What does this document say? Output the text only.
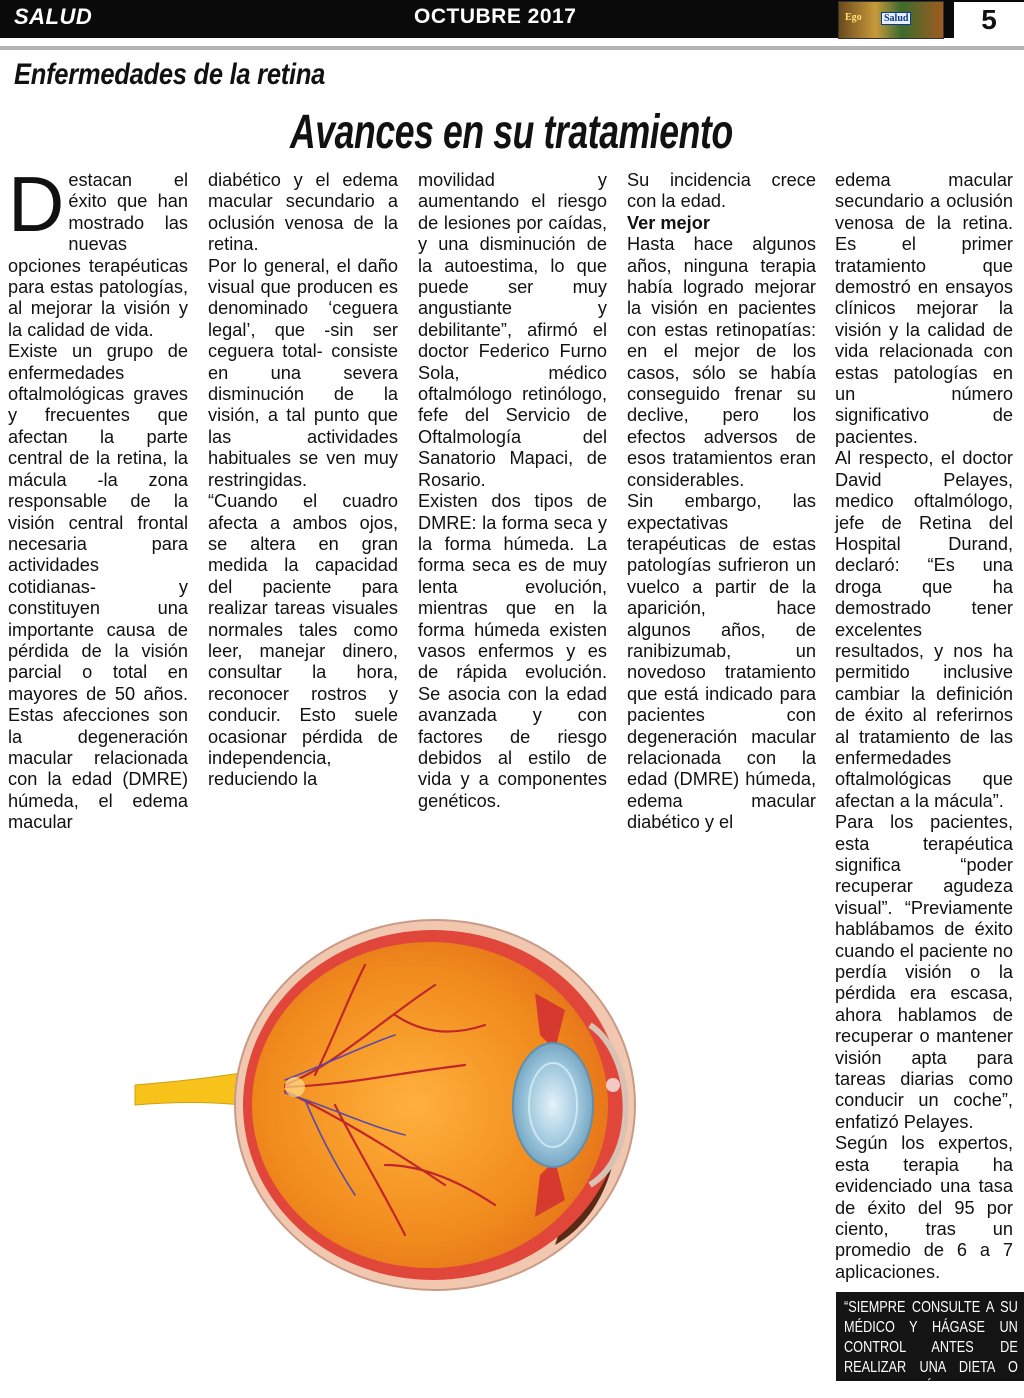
SALUD	OCTUBRE 2017	Ego	Salud	5
Enfermedades de la retina
Avances en su tratamiento

Destacan el éxito que han mostrado las nuevas opciones terapéuticas para estas patologías, al mejorar la visión y la calidad de vida.

Existe un grupo de enfermedades oftalmológicas graves y frecuentes que afectan la parte central de la retina, la mácula -la zona responsable de la visión central frontal necesaria para actividades cotidianas- y constituyen una importante causa de pérdida de la visión parcial o total en mayores de 50 años. Estas afecciones son la degeneración macular relacionada con la edad (DMRE) húmeda, el edema macular

diabético y el edema macular secundario a oclusión venosa de la retina.

Por lo general, el daño visual que producen es denominado ‘ceguera legal’, que -sin ser ceguera total- consiste en una severa disminución de la visión, a tal punto que las actividades habituales se ven muy restringidas.

“Cuando el cuadro afecta a ambos ojos, se altera en gran medida la capacidad del paciente para realizar tareas visuales normales tales como leer, manejar dinero, consultar la hora, reconocer rostros y conducir. Esto suele ocasionar pérdida de independencia, reduciendo la

movilidad y aumentando el riesgo de lesiones por caídas, y una disminución de la autoestima, lo que puede ser muy angustiante y debilitante”, afirmó el doctor Federico Furno Sola, médico oftalmólogo retinólogo, fefe del Servicio de Oftalmología del Sanatorio Mapaci, de Rosario.

Existen dos tipos de DMRE: la forma seca y la forma húmeda. La forma seca es de muy lenta evolución, mientras que en la forma húmeda existen vasos enfermos y es de rápida evolución. Se asocia con la edad avanzada y con factores de riesgo debidos al estilo de vida y a componentes genéticos.

Su incidencia crece con la edad.

Ver mejor

Hasta hace algunos años, ninguna terapia había logrado mejorar la visión en pacientes con estas retinopatías: en el mejor de los casos, sólo se había conseguido frenar su declive, pero los efectos adversos de esos tratamientos eran considerables.

Sin embargo, las expectativas terapéuticas de estas patologías sufrieron un vuelco a partir de la aparición, hace algunos años, de ranibizumab, un novedoso tratamiento que está indicado para pacientes con degeneración macular relacionada con la edad (DMRE) húmeda, edema macular diabético y el

edema macular secundario a oclusión venosa de la retina. Es el primer tratamiento que demostró en ensayos clínicos mejorar la visión y la calidad de vida relacionada con estas patologías en un número significativo de pacientes.

Al respecto, el doctor David Pelayes, medico oftalmólogo, jefe de Retina del Hospital Durand, declaró: “Es una droga que ha demostrado tener excelentes resultados, y nos ha permitido inclusive cambiar la definición de éxito al referirnos al tratamiento de las enfermedades oftalmológicas que afectan a la mácula”.

Para los pacientes, esta terapéutica significa “poder recuperar agudeza visual”. “Previamente hablábamos de éxito cuando el paciente no perdía visión o la pérdida era escasa, ahora hablamos de recuperar o mantener visión apta para tareas diarias como conducir un coche”, enfatizó Pelayes.

Según los expertos, esta terapia ha evidenciado una tasa de éxito del 95 por ciento, tras un promedio de 6 a 7 aplicaciones.

“SIEMPRE CONSULTE A SU MÉDICO Y HÁGASE UN CONTROL ANTES DE REALIZAR UNA DIETA O ACTIVADAD FÍSICA”
